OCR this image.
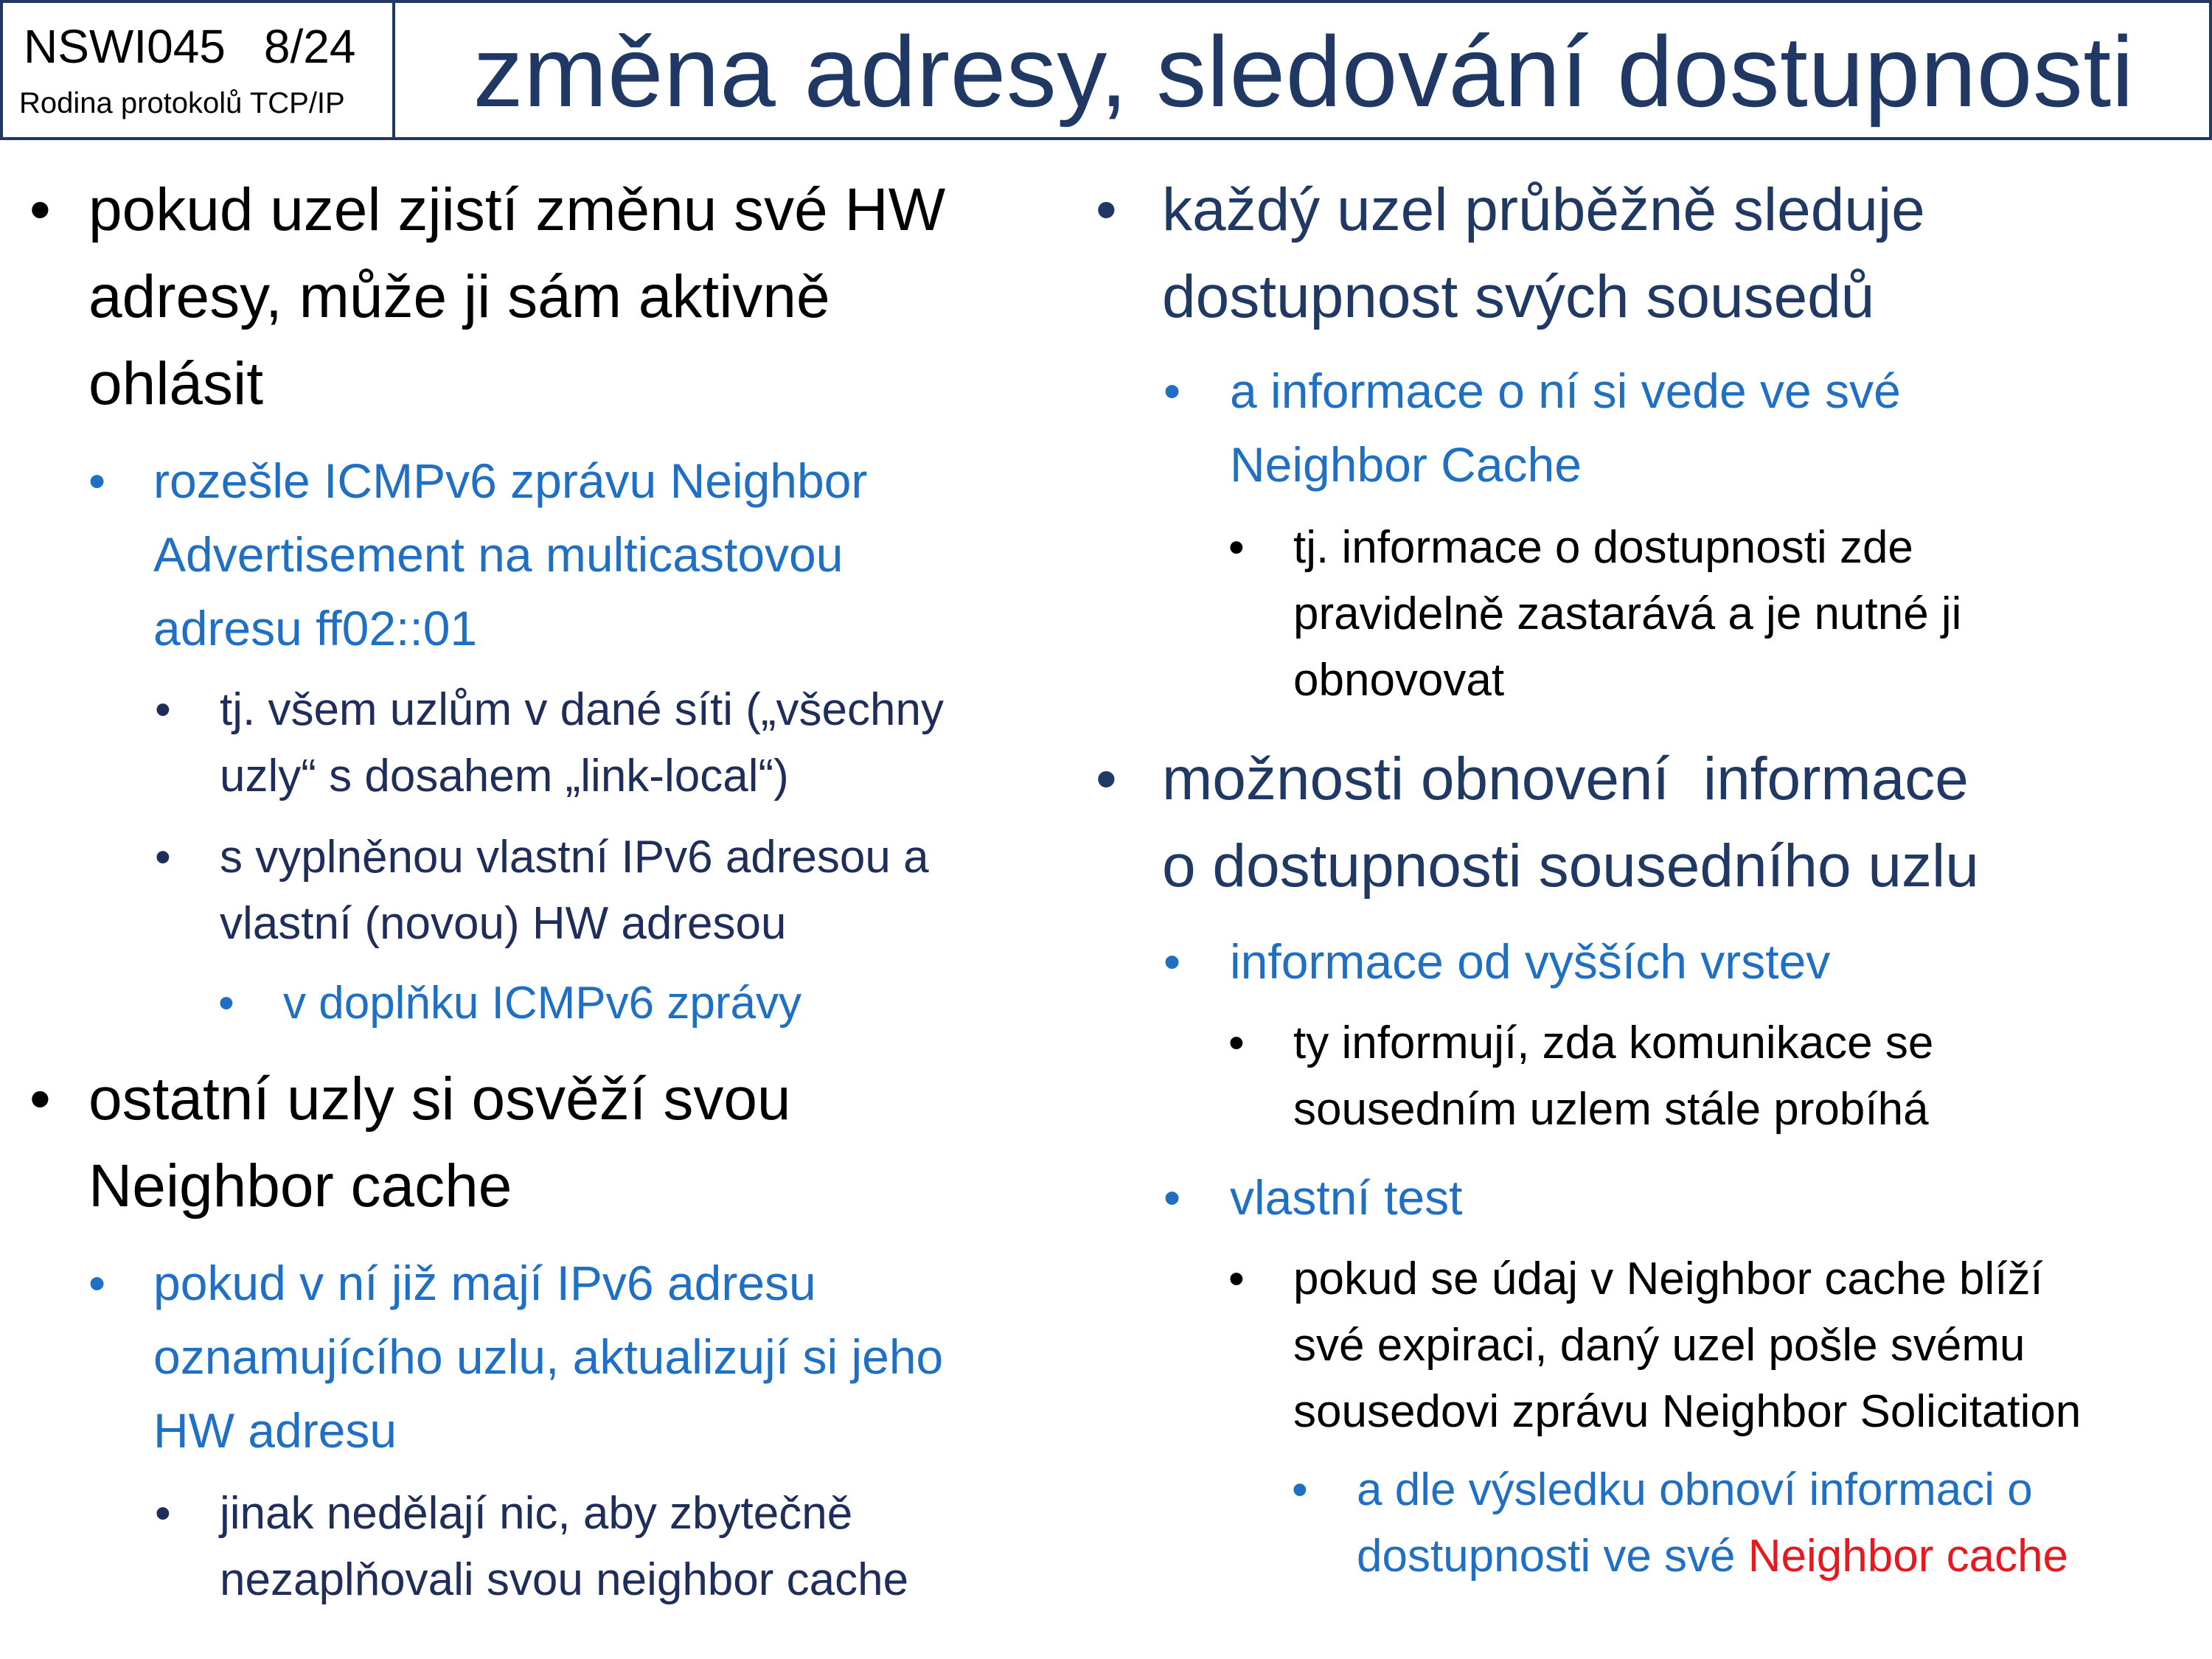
NSWI045 8/24
Rodina protokolů TCP/IP	změna adresy, sledování dostupnosti
• pokud uzel zjistí změnu své HW
adresy, může ji sám aktivně
ohlásit
• rozešle ICMPv6 zprávu Neighbor
Advertisement na multicastovou
adresu ff02::01
• tj. všem uzlům v dané síti („všechny
uzly“ s dosahem „link-local“)
• s vyplněnou vlastní IPv6 adresou a
vlastní (novou) HW adresou
• v doplňku ICMPv6 zprávy
• ostatní uzly si osvěží svou
Neighbor cache
• pokud v ní již mají IPv6 adresu
oznamujícího uzlu, aktualizují si jeho
HW adresu
• jinak nedělají nic, aby zbytečně
nezaplňovali svou neighbor cache
• každý uzel průběžně sleduje
dostupnost svých sousedů
• a informace o ní si vede ve své
Neighbor Cache
• tj. informace o dostupnosti zde
pravidelně zastarává a je nutné ji
obnovovat
• možnosti obnovení  informace
o dostupnosti sousedního uzlu
• informace od vyšších vrstev
• ty informují, zda komunikace se
sousedním uzlem stále probíhá
• vlastní test
• pokud se údaj v Neighbor cache blíží
své expiraci, daný uzel pošle svému
sousedovi zprávu Neighbor Solicitation
• a dle výsledku obnoví informaci o
dostupnosti ve své Neighbor cache
